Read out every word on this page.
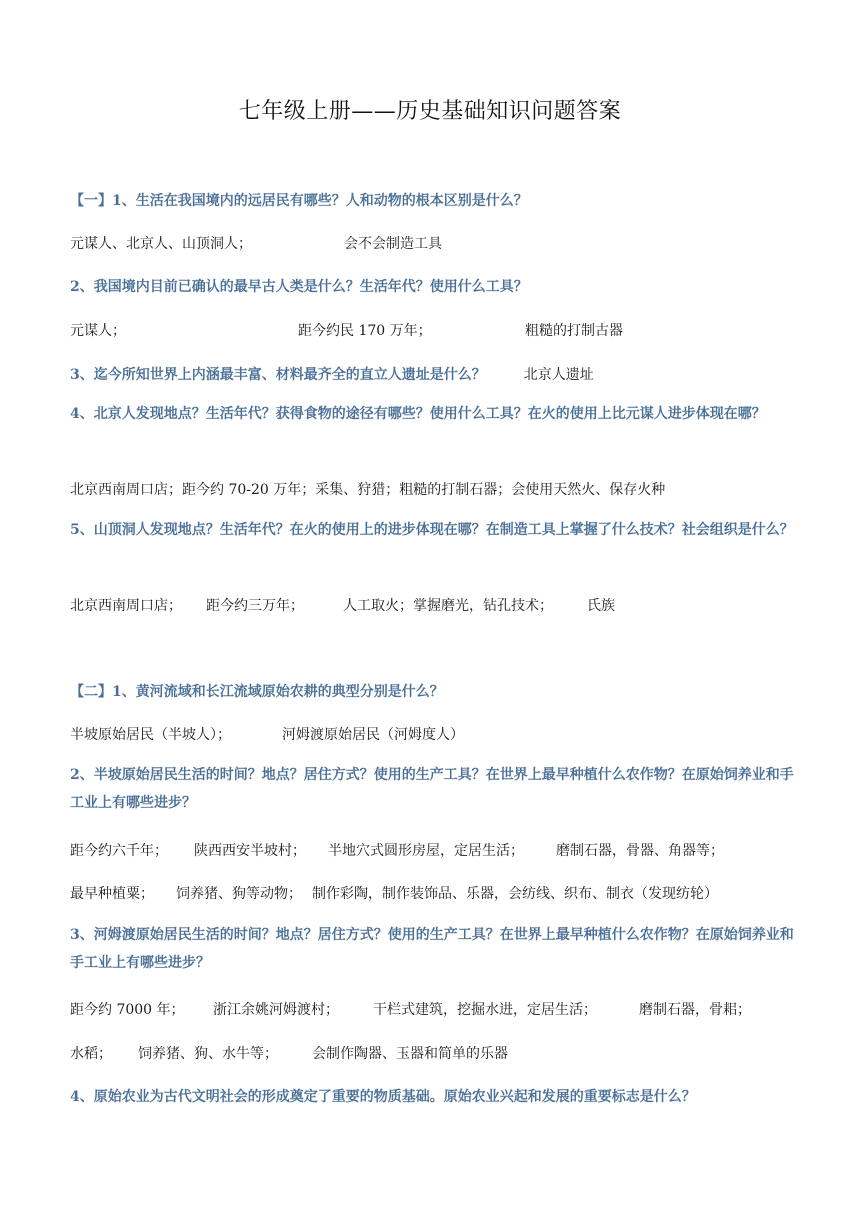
七年级上册——历史基础知识问题答案
【一】1、生活在我国境内的远居民有哪些？人和动物的根本区别是什么？
元谋人、北京人、山顶洞人；	会不会制造工具
2、我国境内目前已确认的最早古人类是什么？生活年代？使用什么工具？
元谋人；	距今约民 170 万年；	粗糙的打制古器
3、迄今所知世界上内涵最丰富、材料最齐全的直立人遗址是什么？	北京人遗址
4、北京人发现地点？生活年代？获得食物的途径有哪些？使用什么工具？在火的使用上比元谋人进步体现在哪？
北京西南周口店；距今约 70-20 万年；采集、狩猎；粗糙的打制石器；会使用天然火、保存火种
5、山顶洞人发现地点？生活年代？在火的使用上的进步体现在哪？在制造工具上掌握了什么技术？社会组织是什么？
北京西南周口店； 距今约三万年；	人工取火；掌握磨光，钻孔技术； 氏族
【二】1、黄河流域和长江流域原始农耕的典型分别是什么？
半坡原始居民（半坡人）；	河姆渡原始居民（河姆度人）
2、半坡原始居民生活的时间？地点？居住方式？使用的生产工具？在世界上最早种植什么农作物？在原始饲养业和手工业上有哪些进步？
距今约六千年； 陕西西安半坡村； 半地穴式圆形房屋，定居生活； 磨制石器，骨器、角器等；
最早种植粟； 饲养猪、狗等动物； 制作彩陶，制作装饰品、乐器，会纺线、织布、制衣（发现纺轮）
3、河姆渡原始居民生活的时间？地点？居住方式？使用的生产工具？在世界上最早种植什么农作物？在原始饲养业和手工业上有哪些进步？
距今约 7000 年； 浙江余姚河姆渡村； 干栏式建筑，挖掘水进，定居生活；	磨制石器，骨耜；
水稻； 饲养猪、狗、水牛等； 会制作陶器、玉器和简单的乐器
4、原始农业为古代文明社会的形成奠定了重要的物质基础。原始农业兴起和发展的重要标志是什么？
